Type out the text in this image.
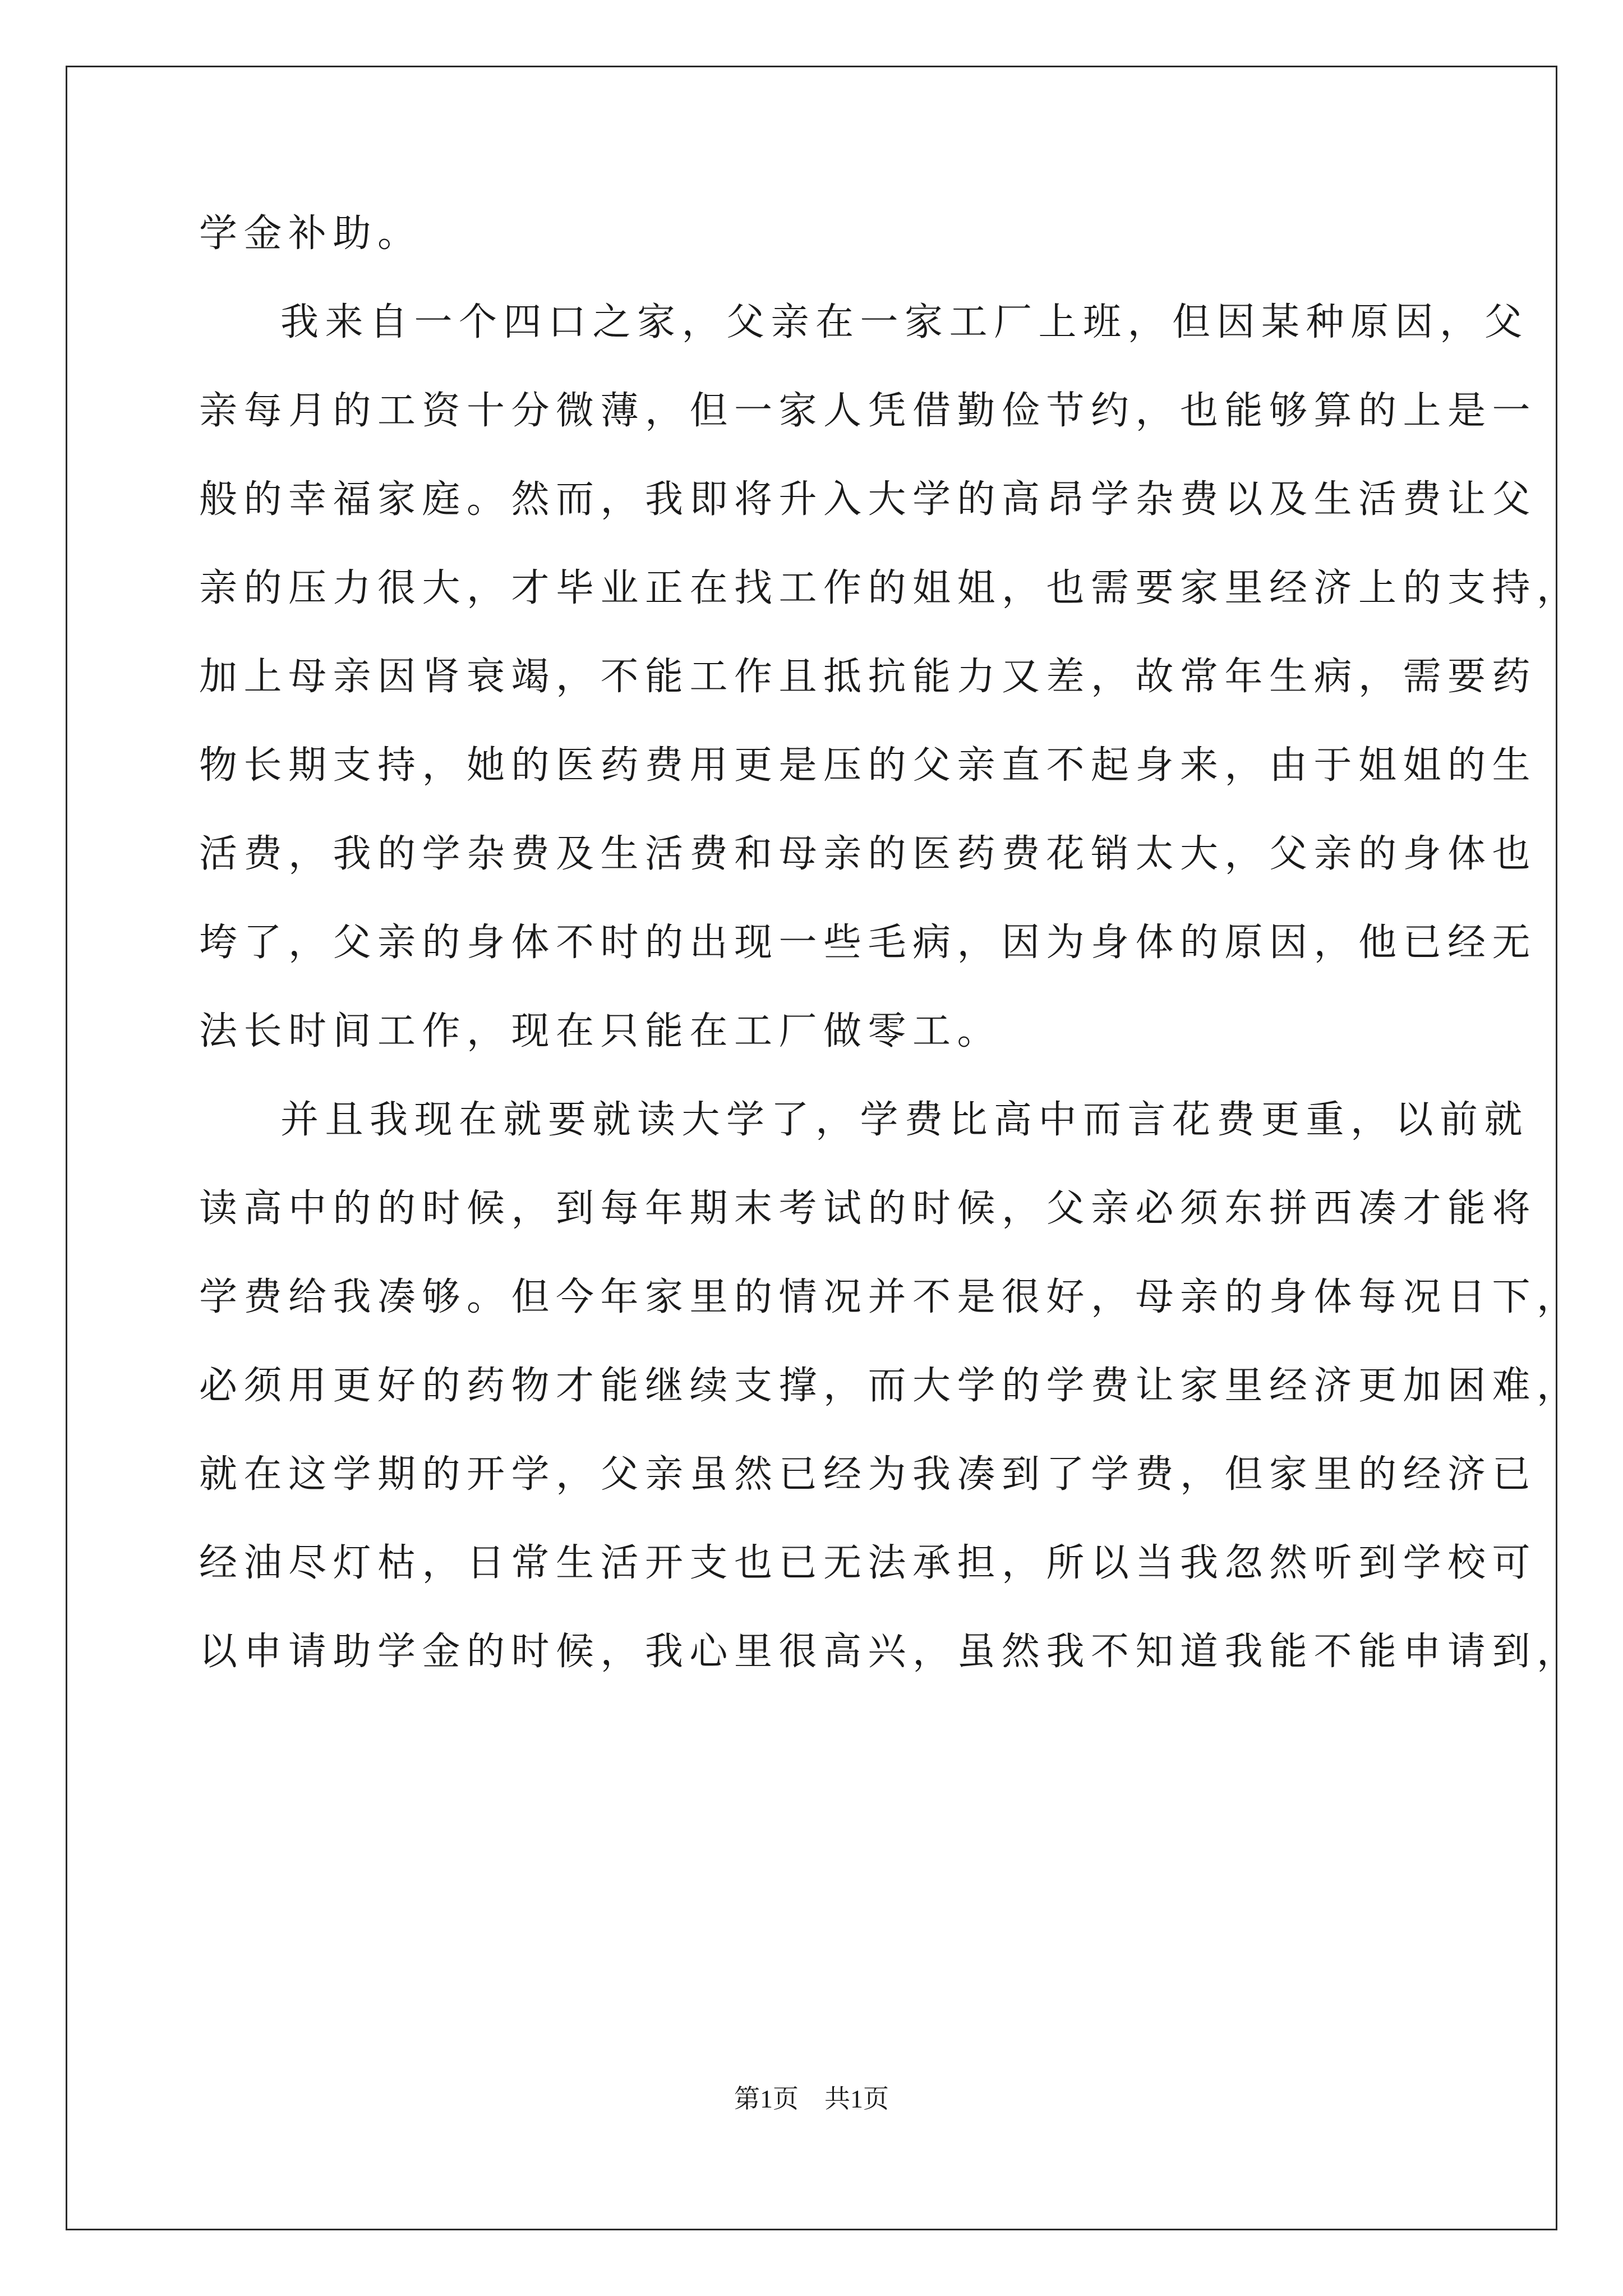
学金补助。
我来自一个四口之家，父亲在一家工厂上班，但因某种原因，父
亲每月的工资十分微薄，但一家人凭借勤俭节约，也能够算的上是一
般的幸福家庭。然而，我即将升入大学的高昂学杂费以及生活费让父
亲的压力很大，才毕业正在找工作的姐姐，也需要家里经济上的支持，
加上母亲因肾衰竭，不能工作且抵抗能力又差，故常年生病，需要药
物长期支持，她的医药费用更是压的父亲直不起身来，由于姐姐的生
活费，我的学杂费及生活费和母亲的医药费花销太大，父亲的身体也
垮了，父亲的身体不时的出现一些毛病，因为身体的原因，他已经无
法长时间工作，现在只能在工厂做零工。
并且我现在就要就读大学了，学费比高中而言花费更重，以前就
读高中的的时候，到每年期末考试的时候，父亲必须东拼西凑才能将
学费给我凑够。但今年家里的情况并不是很好，母亲的身体每况日下，
必须用更好的药物才能继续支撑，而大学的学费让家里经济更加困难，
就在这学期的开学，父亲虽然已经为我凑到了学费，但家里的经济已
经油尽灯枯，日常生活开支也已无法承担，所以当我忽然听到学校可
以申请助学金的时候，我心里很高兴，虽然我不知道我能不能申请到，
第1页 共1页
